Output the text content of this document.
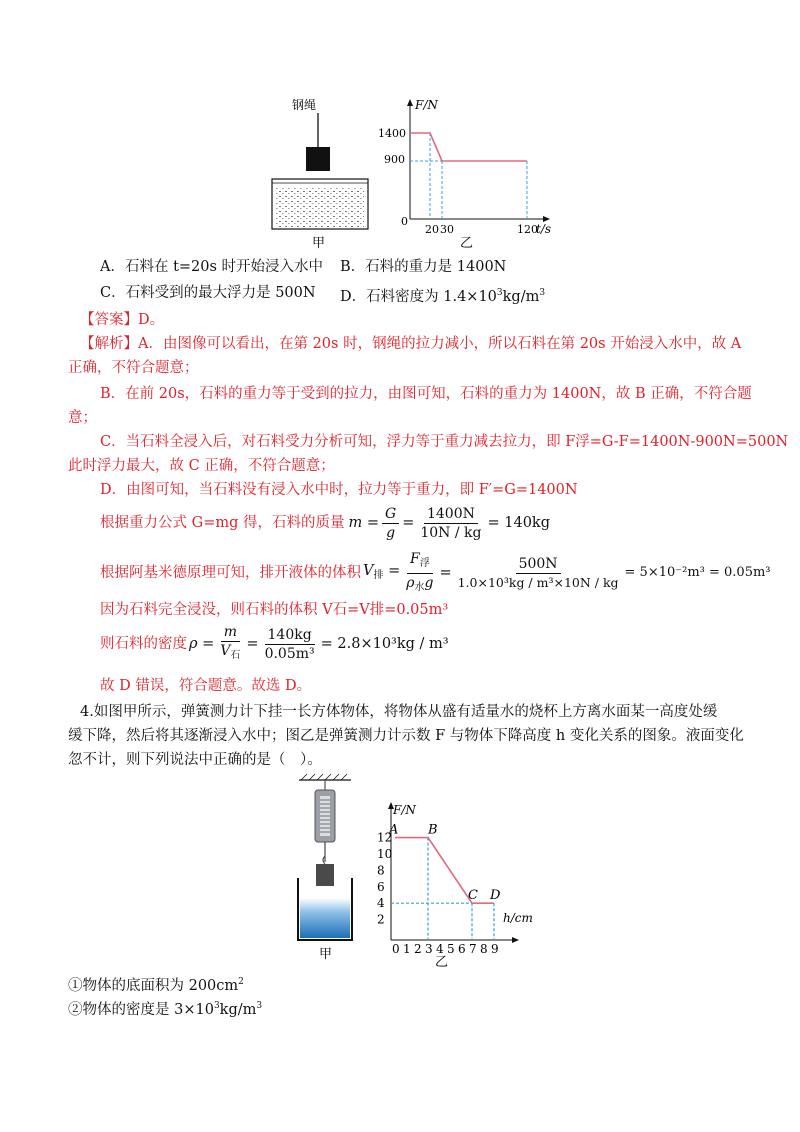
钢绳
甲
F/N
t/s
1400
900
0
20 30	120
乙
A．石料在 t=20s 时开始浸入水中 B．石料的重力是 1400N
C．石料受到的最大浮力是 500N D．石料密度为 $1.4\times 10^3kg/m^3$
【答案】D。
【解析】A．由图像可以看出，在第 20s 时，钢绳的拉力减小，所以石料在第 20s 开始浸入水中，故 A
正确，不符合题意；
B．在前 20s，石料的重力等于受到的拉力，由图可知，石料的重力为 1400N，故 B 正确，不符合题
意；
C．当石料全浸入后，对石料受力分析可知，浮力等于重力减去拉力，即 F浮=G-F=1400N-900N=500N
此时浮力最大，故 C 正确，不符合题意；
D．由图可知，当石料没有浸入水中时，拉力等于重力，即 F′=G=1400N
根据重力公式 G=mg 得，石料的质量 $m = \frac{G}{g} = \frac{1400N}{10N / kg} = 140kg$
根据阿基米德原理可知，排开液体的体积 $V_排 = \frac{F_浮}{\rho_水g} = \frac{500N}{\text{1.0×10³kg / m³×10N / kg}} = 5\times 10^{-2}m^3 = 0.05m^3$
因为石料完全浸没，则石料的体积 V石=V排=0.05m³
则石料的密度 $\rho = \frac{m}{V_石} = \frac{140kg}{\text{0.05m³}} = 2.8\times 10^3kg / m^3$
故 D 错误，符合题意。故选 D。
4.如图甲所示，弹簧测力计下挂一长方体物体，将物体从盛有适量水的烧杯上方离水面某一高度处缓
缓下降，然后将其逐渐浸入水中；图乙是弹簧测力计示数 F 与物体下降高度 h 变化关系的图象。液面变化
忽不计，则下列说法中正确的是（　）。
甲
F/N
h/cm
12
10
8
6
4
2
0 1 2 3 4 5 6 7 8 9
A B
C D
乙
①物体的底面积为 $200cm^2$
②物体的密度是 $3\times 10^3kg/m^3$
